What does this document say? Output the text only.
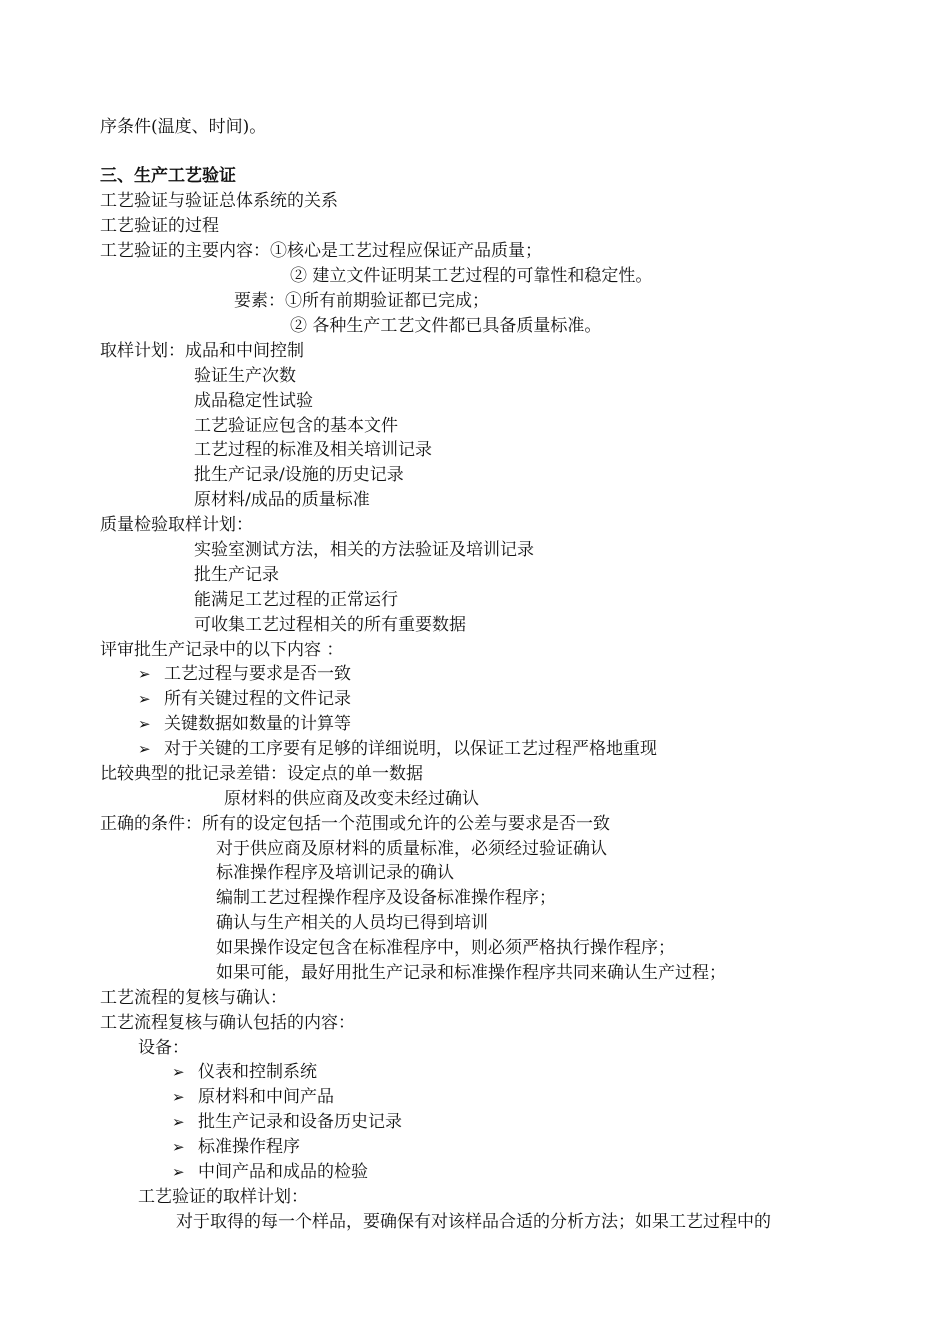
序条件(温度、时间)。
三、生产工艺验证
工艺验证与验证总体系统的关系
工艺验证的过程
工艺验证的主要内容：①核心是工艺过程应保证产品质量；
② 建立文件证明某工艺过程的可靠性和稳定性。
要素：①所有前期验证都已完成；
② 各种生产工艺文件都已具备质量标准。
取样计划：成品和中间控制
验证生产次数
成品稳定性试验
工艺验证应包含的基本文件
工艺过程的标准及相关培训记录
批生产记录/设施的历史记录
原材料/成品的质量标准
质量检验取样计划：
实验室测试方法，相关的方法验证及培训记录
批生产记录
能满足工艺过程的正常运行
可收集工艺过程相关的所有重要数据
评审批生产记录中的以下内容 ：
➢ 工艺过程与要求是否一致
➢ 所有关键过程的文件记录
➢ 关键数据如数量的计算等
➢ 对于关键的工序要有足够的详细说明，以保证工艺过程严格地重现
比较典型的批记录差错：设定点的单一数据
原材料的供应商及改变未经过确认
正确的条件：所有的设定包括一个范围或允许的公差与要求是否一致
对于供应商及原材料的质量标准，必须经过验证确认
标准操作程序及培训记录的确认
编制工艺过程操作程序及设备标准操作程序；
确认与生产相关的人员均已得到培训
如果操作设定包含在标准程序中，则必须严格执行操作程序；
如果可能，最好用批生产记录和标准操作程序共同来确认生产过程；
工艺流程的复核与确认：
工艺流程复核与确认包括的内容：
设备：
➢ 仪表和控制系统
➢ 原材料和中间产品
➢ 批生产记录和设备历史记录
➢ 标准操作程序
➢ 中间产品和成品的检验
工艺验证的取样计划：
对于取得的每一个样品，要确保有对该样品合适的分析方法；如果工艺过程中的
